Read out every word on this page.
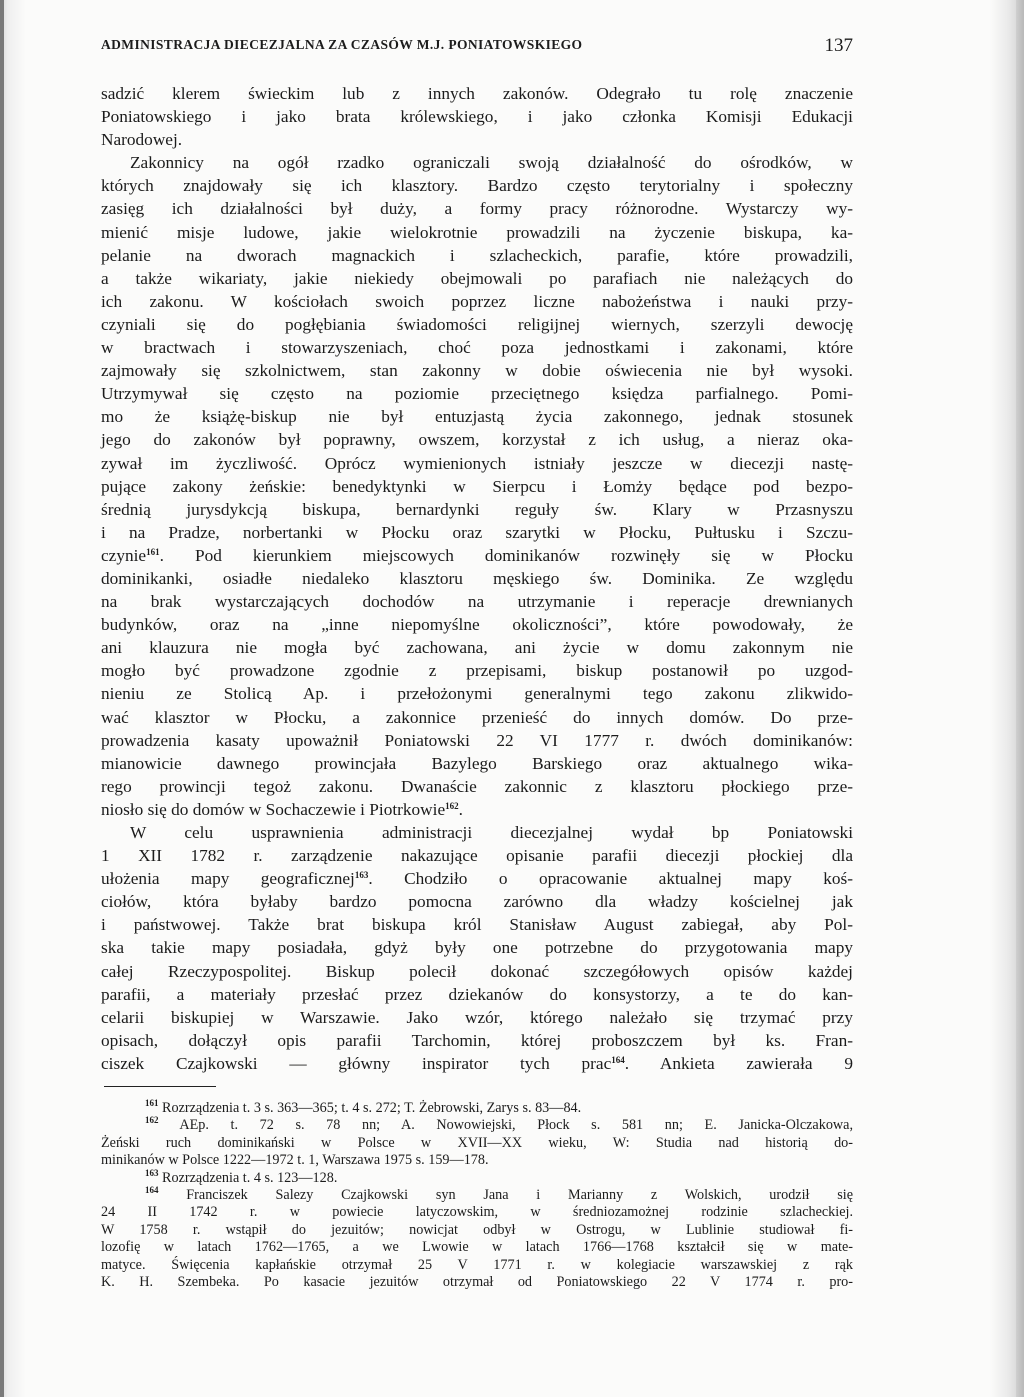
ADMINISTRACJA DIECEZJALNA ZA CZASÓW M.J. PONIATOWSKIEGO	137

sadzić klerem świeckim lub z innych zakonów. Odegrało tu rolę znaczenie
Poniatowskiego i jako brata królewskiego, i jako członka Komisji Edukacji
Narodowej.

Zakonnicy na ogół rzadko ograniczali swoją działalność do ośrodków, w
których znajdowały się ich klasztory. Bardzo często terytorialny i społeczny
zasięg ich działalności był duży, a formy pracy różnorodne. Wystarczy wy-
mienić misje ludowe, jakie wielokrotnie prowadzili na życzenie biskupa, ka-
pelanie na dworach magnackich i szlacheckich, parafie, które prowadzili,
a także wikariaty, jakie niekiedy obejmowali po parafiach nie należących do
ich zakonu. W kościołach swoich poprzez liczne nabożeństwa i nauki przy-
czyniali się do pogłębiania świadomości religijnej wiernych, szerzyli dewocję
w bractwach i stowarzyszeniach, choć poza jednostkami i zakonami, które
zajmowały się szkolnictwem, stan zakonny w dobie oświecenia nie był wysoki.
Utrzymywał się często na poziomie przeciętnego księdza parfialnego. Pomi-
mo że książę-biskup nie był entuzjastą życia zakonnego, jednak stosunek
jego do zakonów był poprawny, owszem, korzystał z ich usług, a nieraz oka-
zywał im życzliwość. Oprócz wymienionych istniały jeszcze w diecezji nastę-
pujące zakony żeńskie: benedyktynki w Sierpcu i Łomży będące pod bezpo-
średnią jurysdykcją biskupa, bernardynki reguły św. Klary w Przasnyszu
i na Pradze, norbertanki w Płocku oraz szarytki w Płocku, Pułtusku i Szczu-
czynie$^{161}$. Pod kierunkiem miejscowych dominikanów rozwinęły się w Płocku
dominikanki, osiadłe niedaleko klasztoru męskiego św. Dominika. Ze względu
na brak wystarczających dochodów na utrzymanie i reperacje drewnianych
budynków, oraz na „inne niepomyślne okoliczności”, które powodowały, że
ani klauzura nie mogła być zachowana, ani życie w domu zakonnym nie
mogło być prowadzone zgodnie z przepisami, biskup postanowił po uzgod-
nieniu ze Stolicą Ap. i przełożonymi generalnymi tego zakonu zlikwido-
wać klasztor w Płocku, a zakonnice przenieść do innych domów. Do prze-
prowadzenia kasaty upoważnił Poniatowski 22 VI 1777 r. dwóch dominikanów:
mianowicie dawnego prowincjała Bazylego Barskiego oraz aktualnego wika-
rego prowincji tegoż zakonu. Dwanaście zakonnic z klasztoru płockiego prze-
niosło się do domów w Sochaczewie i Piotrkowie$^{162}$.

W celu usprawnienia administracji diecezjalnej wydał bp Poniatowski
1 XII 1782 r. zarządzenie nakazujące opisanie parafii diecezji płockiej dla
ułożenia mapy geograficznej$^{163}$. Chodziło o opracowanie aktualnej mapy koś-
ciołów, która byłaby bardzo pomocna zarówno dla władzy kościelnej jak
i państwowej. Także brat biskupa król Stanisław August zabiegał, aby Pol-
ska takie mapy posiadała, gdyż były one potrzebne do przygotowania mapy
całej Rzeczypospolitej. Biskup polecił dokonać szczegółowych opisów każdej
parafii, a materiały przesłać przez dziekanów do konsystorzy, a te do kan-
celarii biskupiej w Warszawie. Jako wzór, którego należało się trzymać przy
opisach, dołączył opis parafii Tarchomin, której proboszczem był ks. Fran-
ciszek Czajkowski — główny inspirator tych prac$^{164}$. Ankieta zawierała 9

$^{161}$ Rozrządzenia t. 3 s. 363—365; t. 4 s. 272; T. Żebrowski, Zarys s. 83—84.

$^{162}$ AEp. t. 72 s. 78 nn; A. Nowowiejski, Płock s. 581 nn; E. Janicka-Olczakowa,
Żeński ruch dominikański w Polsce w XVII—XX wieku, W: Studia nad historią do-
minikanów w Polsce 1222—1972 t. 1, Warszawa 1975 s. 159—178.

$^{163}$ Rozrządzenia t. 4 s. 123—128.

$^{164}$ Franciszek Salezy Czajkowski syn Jana i Marianny z Wolskich, urodził się
24 II 1742 r. w powiecie latyczowskim, w średniozamożnej rodzinie szlacheckiej.
W 1758 r. wstąpił do jezuitów; nowicjat odbył w Ostrogu, w Lublinie studiował fi-
lozofię w latach 1762—1765, a we Lwowie w latach 1766—1768 kształcił się w mate-
matyce. Święcenia kapłańskie otrzymał 25 V 1771 r. w kolegiacie warszawskiej z rąk
K. H. Szembeka. Po kasacie jezuitów otrzymał od Poniatowskiego 22 V 1774 r. pro-
